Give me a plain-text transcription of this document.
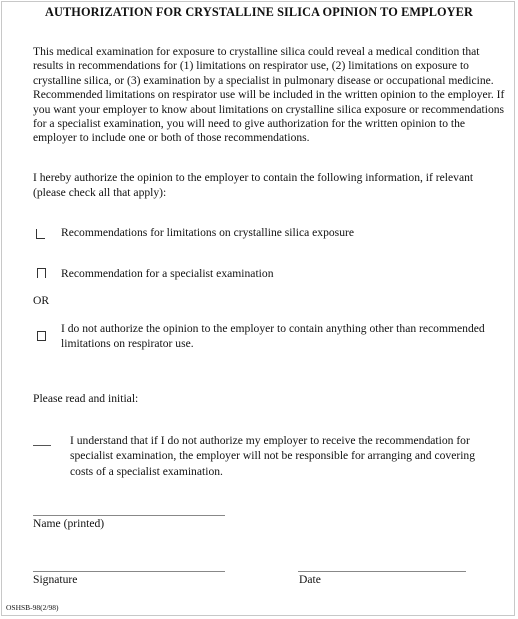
AUTHORIZATION FOR CRYSTALLINE SILICA OPINION TO EMPLOYER
This medical examination for exposure to crystalline silica could reveal a medical condition that results in recommendations for (1) limitations on respirator use, (2) limitations on exposure to crystalline silica, or (3) examination by a specialist in pulmonary disease or occupational medicine. Recommended limitations on respirator use will be included in the written opinion to the employer. If you want your employer to know about limitations on crystalline silica exposure or recommendations for a specialist examination, you will need to give authorization for the written opinion to the employer to include one or both of those recommendations.
I hereby authorize the opinion to the employer to contain the following information, if relevant (please check all that apply):
Recommendations for limitations on crystalline silica exposure
Recommendation for a specialist examination
OR
I do not authorize the opinion to the employer to contain anything other than recommended limitations on respirator use.
Please read and initial:
I understand that if I do not authorize my employer to receive the recommendation for specialist examination, the employer will not be responsible for arranging and covering costs of a specialist examination.
Name (printed)
Signature	Date
OSHSB-98(2/98)
